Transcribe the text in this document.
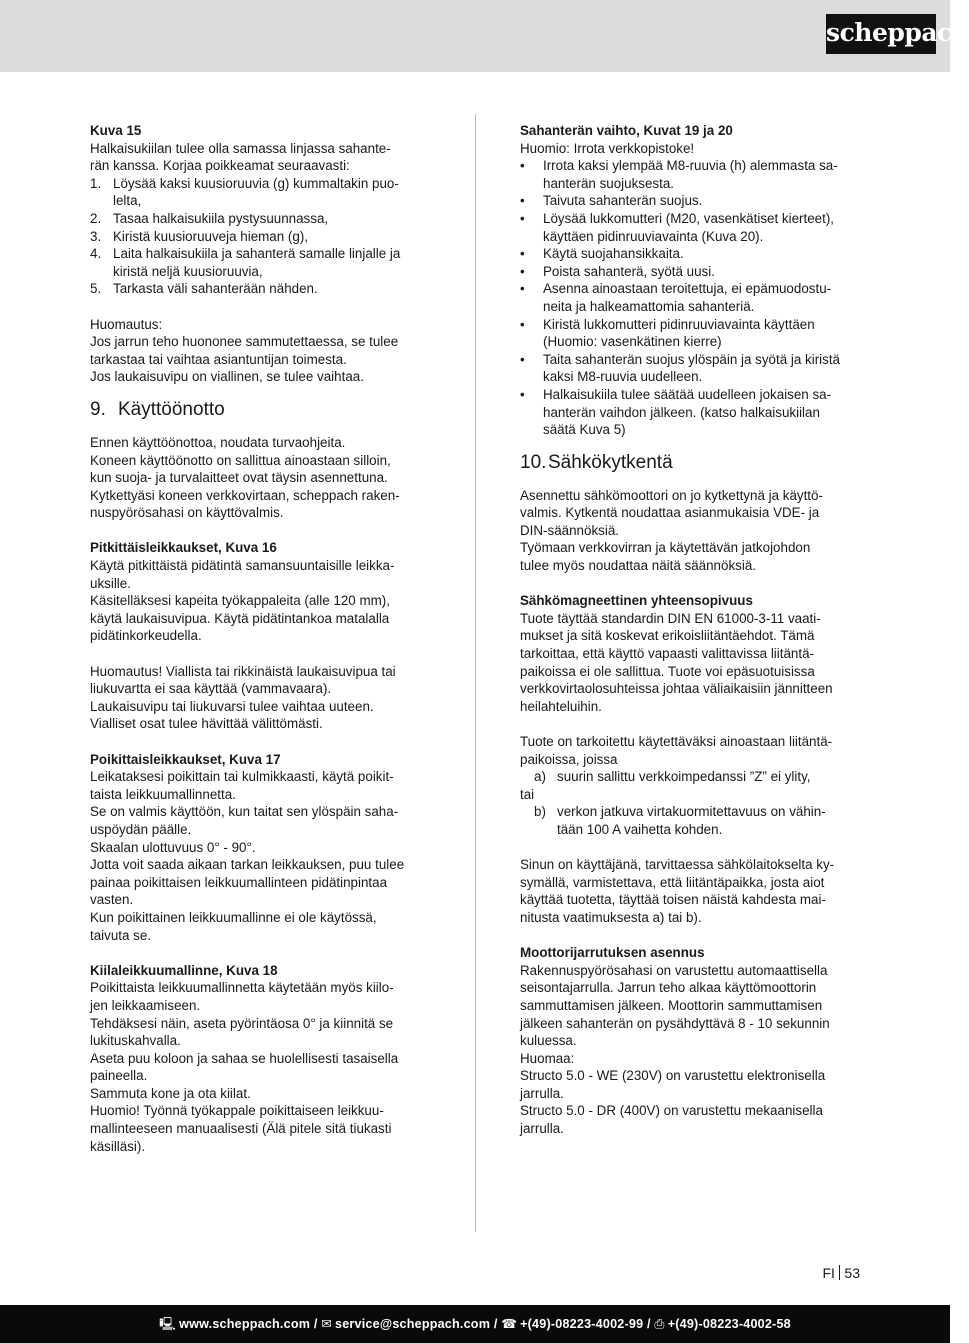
scheppach

Kuva 15

Halkaisukiilan tulee olla samassa linjassa sahante-

rän kanssa. Korjaa poikkeamat seuraavasti:

1. Löysää kaksi kuusioruuvia (g) kummaltakin puo-
lelta,
2. Tasaa halkaisukiila pystysuunnassa,
3. Kiristä kuusioruuveja hieman (g),
4. Laita halkaisukiila ja sahanterä samalle linjalle ja
kiristä neljä kuusioruuvia,
5. Tarkasta väli sahanterään nähden.

Huomautus:

Jos jarrun teho huononee sammutettaessa, se tulee

tarkastaa tai vaihtaa asiantuntijan toimesta.

Jos laukaisuvipu on viallinen, se tulee vaihtaa.

9. Käyttöönotto

Ennen käyttöönottoa, noudata turvaohjeita.

Koneen käyttöönotto on sallittua ainoastaan silloin,

kun suoja- ja turvalaitteet ovat täysin asennettuna.

Kytkettyäsi koneen verkkovirtaan, scheppach raken-

nuspyörösahasi on käyttövalmis.

Pitkittäisleikkaukset, Kuva 16

Käytä pitkittäistä pidätintä samansuuntaisille leikka-

uksille.

Käsitelläksesi kapeita työkappaleita (alle 120 mm),

käytä laukaisuvipua. Käytä pidätintankoa matalalla

pidätinkorkeudella.

Huomautus! Viallista tai rikkinäistä laukaisuvipua tai

liukuvartta ei saa käyttää (vammavaara).

Laukaisuvipu tai liukuvarsi tulee vaihtaa uuteen.

Vialliset osat tulee hävittää välittömästi.

Poikittaisleikkaukset, Kuva 17

Leikataksesi poikittain tai kulmikkaasti, käytä poikit-

taista leikkuumallinnetta.

Se on valmis käyttöön, kun taitat sen ylöspäin saha-

uspöydän päälle.

Skaalan ulottuvuus 0° - 90°.

Jotta voit saada aikaan tarkan leikkauksen, puu tulee

painaa poikittaisen leikkuumallinteen pidätinpintaa

vasten.

Kun poikittainen leikkuumallinne ei ole käytössä,

taivuta se.

Kiilaleikkuumallinne, Kuva 18

Poikittaista leikkuumallinnetta käytetään myös kiilo-

jen leikkaamiseen.

Tehdäksesi näin, aseta pyörintäosa 0° ja kiinnitä se

lukituskahvalla.

Aseta puu koloon ja sahaa se huolellisesti tasaisella

paineella.

Sammuta kone ja ota kiilat.

Huomio! Työnnä työkappale poikittaiseen leikkuu-

mallinteeseen manuaalisesti (Älä pitele sitä tiukasti

käsilläsi).

Sahanterän vaihto, Kuvat 19 ja 20

Huomio: Irrota verkkopistoke!

• Irrota kaksi ylempää M8-ruuvia (h) alemmasta sa-
hanterän suojuksesta.
• Taivuta sahanterän suojus.
• Löysää lukkomutteri (M20, vasenkätiset kierteet),
käyttäen pidinruuviavainta (Kuva 20).
• Käytä suojahansikkaita.
• Poista sahanterä, syötä uusi.
• Asenna ainoastaan teroitettuja, ei epämuodostu-
neita ja halkeamattomia sahanteriä.
• Kiristä lukkomutteri pidinruuviavainta käyttäen
(Huomio: vasenkätinen kierre)
• Taita sahanterän suojus ylöspäin ja syötä ja kiristä
kaksi M8-ruuvia uudelleen.
• Halkaisukiila tulee säätää uudelleen jokaisen sa-
hanterän vaihdon jälkeen. (katso halkaisukiilan
säätä Kuva 5)
10.Sähkökytkentä

Asennettu sähkömoottori on jo kytkettynä ja käyttö-

valmis. Kytkentä noudattaa asianmukaisia VDE- ja

DIN-säännöksiä.

Työmaan verkkovirran ja käytettävän jatkojohdon

tulee myös noudattaa näitä säännöksiä.

Sähkömagneettinen yhteensopivuus

Tuote täyttää standardin DIN EN 61000-3-11 vaati-

mukset ja sitä koskevat erikoisliitäntäehdot. Tämä

tarkoittaa, että käyttö vapaasti valittavissa liitäntä-

paikoissa ei ole sallittua. Tuote voi epäsuotuisissa

verkkovirtaolosuhteissa johtaa väliaikaisiin jännitteen

heilahteluihin.

Tuote on tarkoitettu käytettäväksi ainoastaan liitäntä-

paikoissa, joissa

a) suurin sallittu verkkoimpedanssi ”Z” ei ylity,

tai

b) verkon jatkuva virtakuormitettavuus on vähin-
tään 100 A vaihetta kohden.

Sinun on käyttäjänä, tarvittaessa sähkölaitokselta ky-

symällä, varmistettava, että liitäntäpaikka, josta aiot

käyttää tuotetta, täyttää toisen näistä kahdesta mai-

nitusta vaatimuksesta a) tai b).

Moottorijarrutuksen asennus

Rakennuspyörösahasi on varustettu automaattisella

seisontajarrulla. Jarrun teho alkaa käyttömoottorin

sammuttamisen jälkeen. Moottorin sammuttamisen

jälkeen sahanterän on pysähdyttävä 8 - 10 sekunnin

kuluessa.

Huomaa:

Structo 5.0 - WE (230V) on varustettu elektronisella

jarrulla.

Structo 5.0 - DR (400V) on varustettu mekaanisella

jarrulla.

FI 53
🖳 www.scheppach.com / ✉ service@scheppach.com / ☎ +(49)-08223-4002-99 / ⎙ +(49)-08223-4002-58
